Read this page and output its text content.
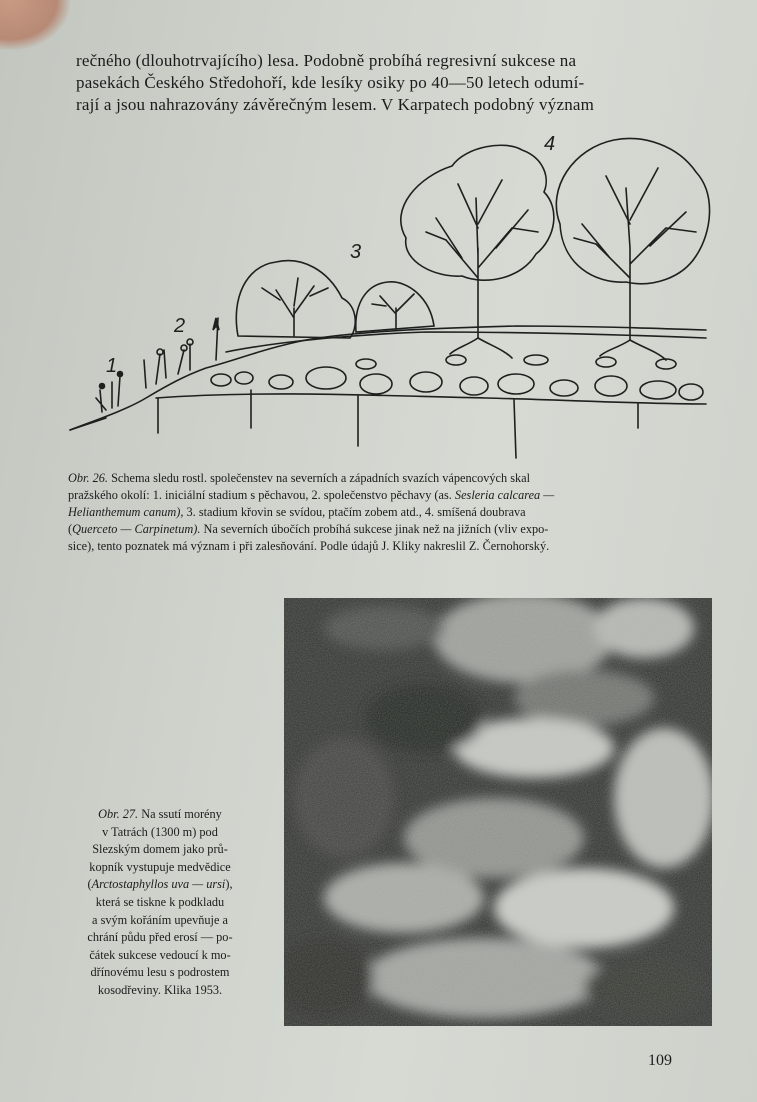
rečného (dlouhotrvajícího) lesa. Podobně probíhá regresivní sukcese na
pasekách Českého Středohoří, kde lesíky osiky po 40—50 letech odumí-
rají a jsou nahrazovány závěrečným lesem. V Karpatech podobný význam
1
2
3
4
Obr. 26. Schema sledu rostl. společenstev na severních a západních svazích vápencových skal
pražského okolí: 1. iniciální stadium s pěchavou, 2. společenstvo pěchavy (as. Sesleria calcarea —
Helianthemum canum), 3. stadium křovin se svídou, ptačím zobem atd., 4. smíšená doubrava
(Querceto — Carpinetum). Na severních úbočích probíhá sukcese jinak než na jižních (vliv expo-
sice), tento poznatek má význam i při zalesňování. Podle údajů J. Kliky nakreslil Z. Černohorský.
Obr. 27. Na ssutí morény
v Tatrách (1300 m) pod
Slezským domem jako prů-
kopník vystupuje medvědice
(Arctostaphyllos uva — ursi),
která se tiskne k podkladu
a svým kořáním upevňuje a
chrání půdu před erosí — po-
čátek sukcese vedoucí k mo-
dřínovému lesu s podrostem
kosodřeviny. Klika 1953.
109
